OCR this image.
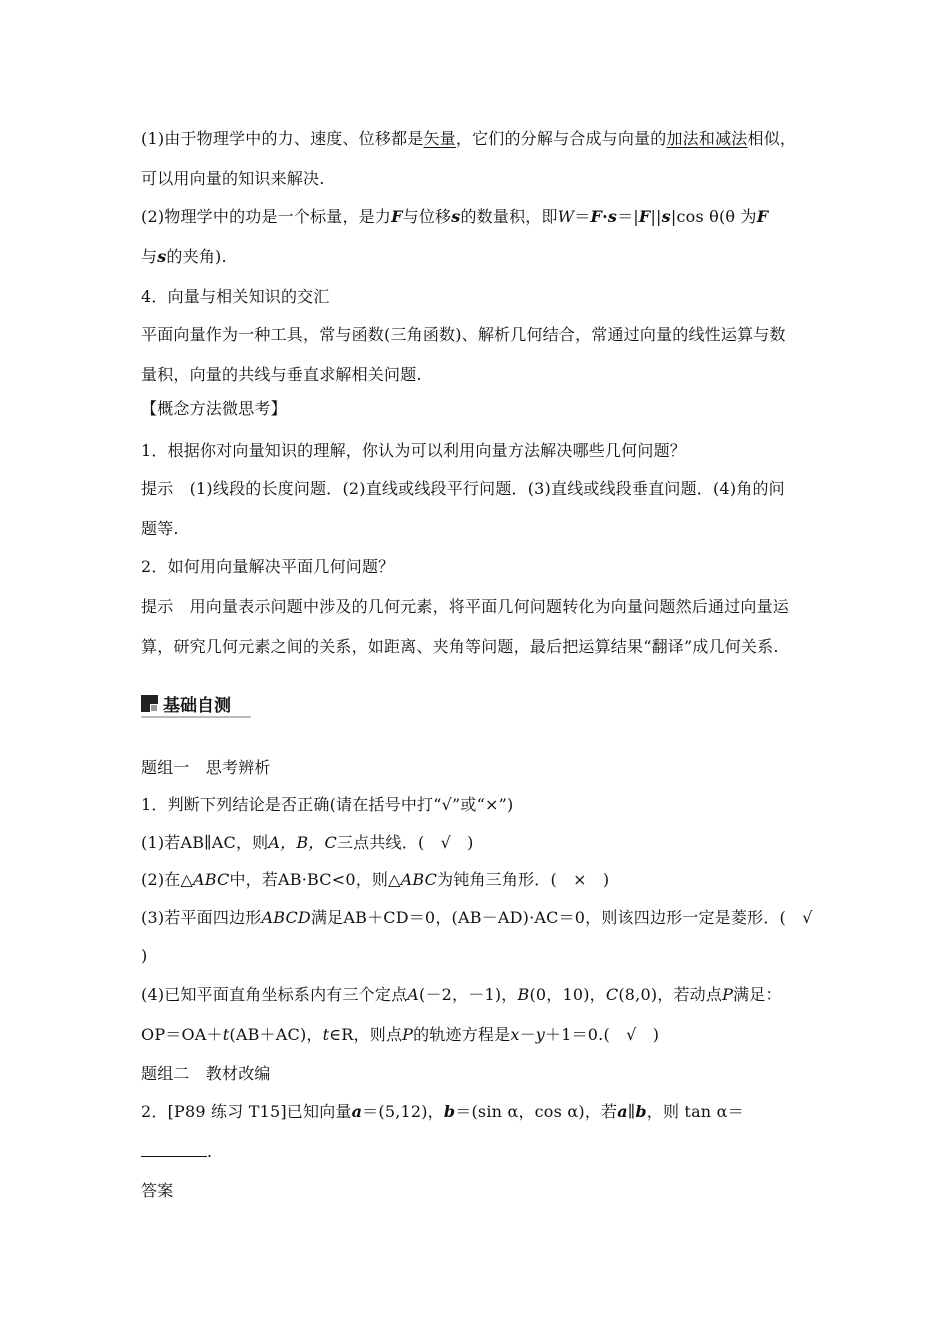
(1)由于物理学中的力、速度、位移都是矢量，它们的分解与合成与向量的加法和减法相似，
可以用向量的知识来解决.
(2)物理学中的功是一个标量，是力F与位移s的数量积，即W＝F·s＝|F||s|cos θ(θ 为F
与s的夹角).
4．向量与相关知识的交汇
平面向量作为一种工具，常与函数(三角函数)、解析几何结合，常通过向量的线性运算与数
量积，向量的共线与垂直求解相关问题.
【概念方法微思考】
1．根据你对向量知识的理解，你认为可以利用向量方法解决哪些几何问题？
提示　(1)线段的长度问题．(2)直线或线段平行问题．(3)直线或线段垂直问题．(4)角的问
题等.
2．如何用向量解决平面几何问题？
提示　用向量表示问题中涉及的几何元素，将平面几何问题转化为向量问题然后通过向量运
算，研究几何元素之间的关系，如距离、夹角等问题，最后把运算结果“翻译”成几何关系.
基础自测
题组一　思考辨析
1．判断下列结论是否正确(请在括号中打“√”或“×”)
(1)若AB∥AC，则A，B，C三点共线．(　√　)
(2)在△ABC中，若AB·BC<0，则△ABC为钝角三角形．(　×　)
(3)若平面四边形ABCD满足AB＋CD＝0，(AB－AD)·AC＝0，则该四边形一定是菱形．(　√
)
(4)已知平面直角坐标系内有三个定点A(－2，－1)，B(0，10)，C(8,0)，若动点P满足：
OP＝OA＋t(AB＋AC)，t∈R，则点P的轨迹方程是x－y＋1＝0.(　√　)
题组二　教材改编
2．[P89 练习 T15]已知向量a＝(5,12)，b＝(sin α，cos α)，若a∥b，则 tan α＝
.
答案
